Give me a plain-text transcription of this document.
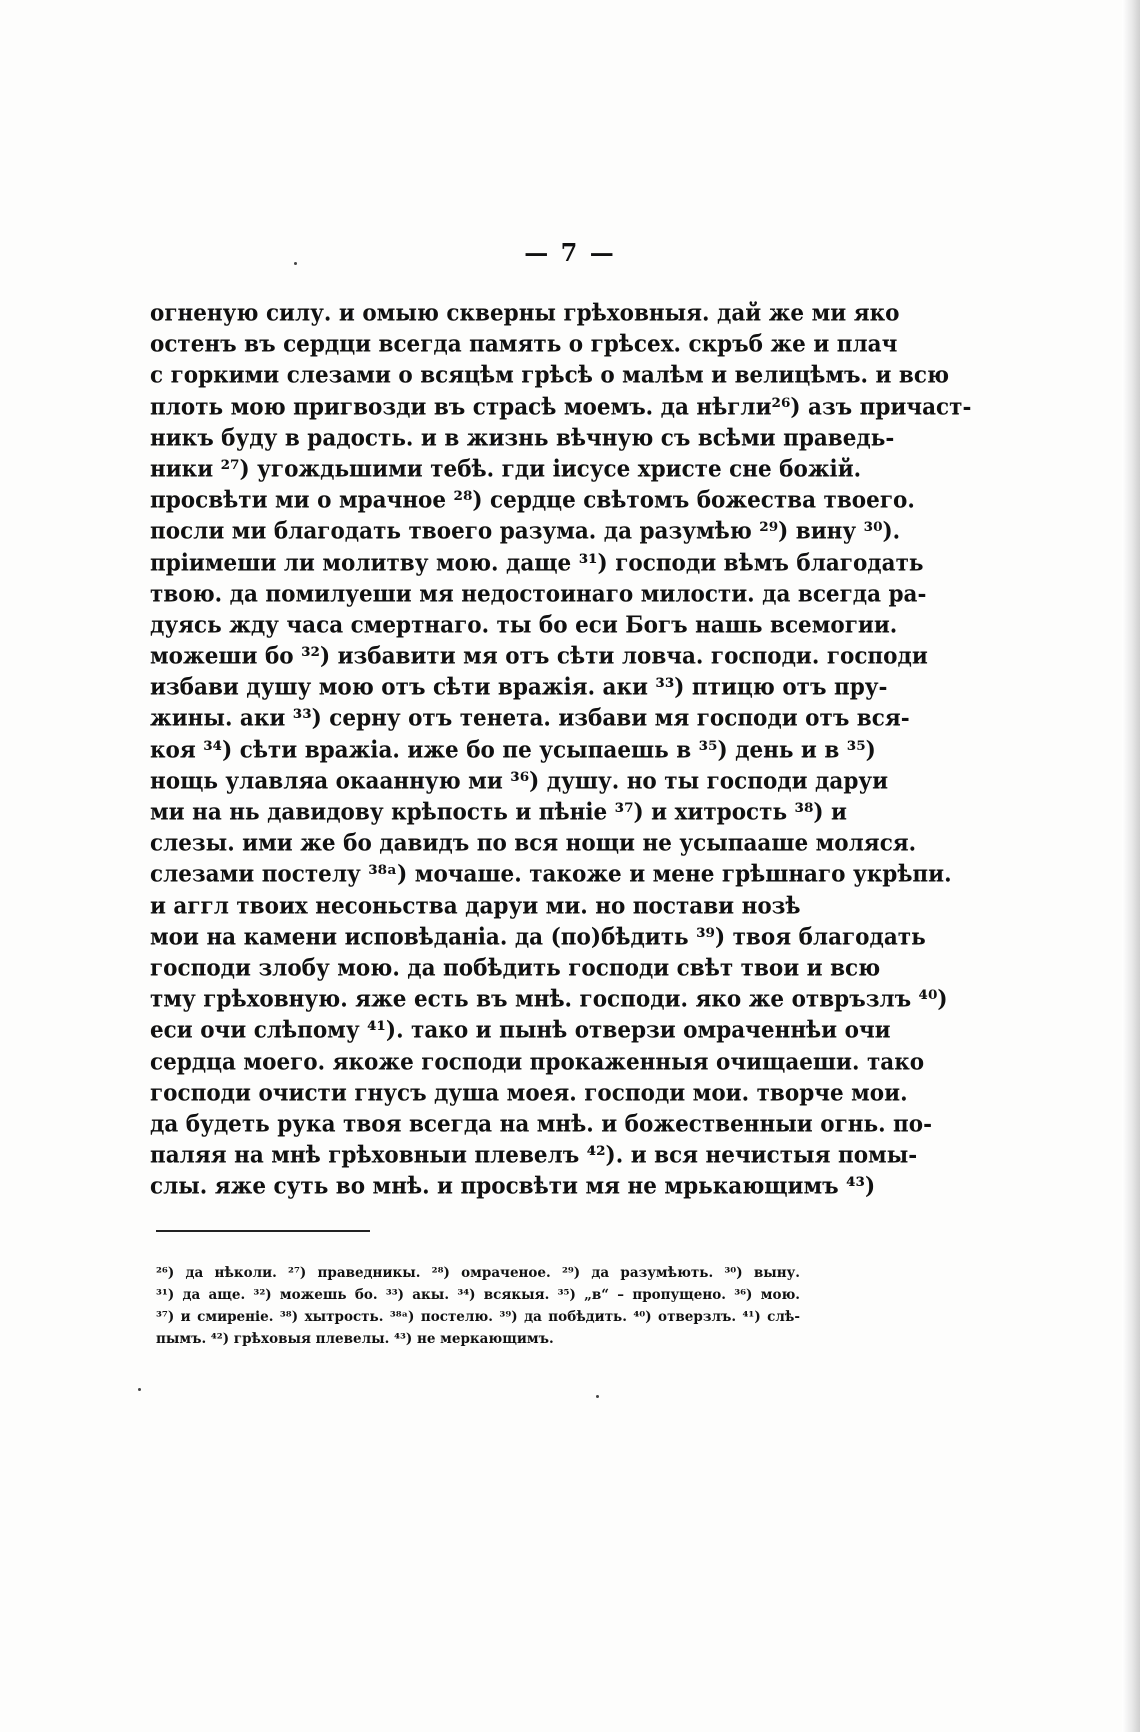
— 7 —
огненую силу. и омыю скверны грѣховныя. дай же ми яко
остенъ въ сердци всегда память о грѣсех. скръб же и плач
с горкими слезами о всяцѣм грѣсѣ о малѣм и велицѣмъ. и всю
плоть мою пригвозди въ страсѣ моемъ. да нѣгли²⁶) азъ причаст-
никъ буду в радость. и в жизнь вѣчную съ всѣми праведь-
ники ²⁷) угождьшими тебѣ. гди iисусе христе сне божiй.
просвѣти ми о мрачное ²⁸) сердце свѣтомъ божества твоего.
посли ми благодать твоего разума. да разумѣю ²⁹) вину ³⁰).
прiимеши ли молитву мою. даще ³¹) господи вѣмъ благодать
твою. да помилуеши мя недостоинаго милости. да всегда ра-
дуясь жду часа смертнаго. ты бо еси Богъ нашь всемогии.
можеши бо ³²) избавити мя отъ сѣти ловча. господи. господи
избави душу мою отъ сѣти вражiя. аки ³³) птицю отъ пру-
жины. аки ³³) серну отъ тенета. избави мя господи отъ вся-
коя ³⁴) сѣти вражiа. иже бо пе усыпаешь в ³⁵) день и в ³⁵)
нощь улавляа окаанную ми ³⁶) душу. но ты господи даруи
ми на нь давидову крѣпость и пѣнiе ³⁷) и хитрость ³⁸) и
слезы. ими же бо давидъ по вся нощи не усыпааше моляся.
слезами постелу ³⁸ᵃ) мочаше. такоже и мене грѣшнаго укрѣпи.
и аггл твоих несоньства даруи ми. но постави нозѣ
мои на камени исповѣданiа. да (по)бѣдить ³⁹) твоя благодать
господи злобу мою. да побѣдить господи свѣт твои и всю
тму грѣховную. яже есть въ мнѣ. господи. яко же отвръзлъ ⁴⁰)
еси очи слѣпому ⁴¹). тако и пынѣ отверзи омраченнѣи очи
сердца моего. якоже господи прокаженныя очищаеши. тако
господи очисти гнусъ душа моея. господи мои. творче мои.
да будеть рука твоя всегда на мнѣ. и божественныи огнь. по-
паляя на мнѣ грѣховныи плевелъ ⁴²). и вся нечистыя помы-
слы. яже суть во мнѣ. и просвѣти мя не мрькающимъ ⁴³)
²⁶) да нѣколи. ²⁷) праведникы. ²⁸) омраченое. ²⁹) да разумѣють. ³⁰) выну.
³¹) да аще. ³²) можешь бо. ³³) акы. ³⁴) всякыя. ³⁵) „в“ – пропущено. ³⁶) мою.
³⁷) и смиренiе. ³⁸) хытрость. ³⁸ᵃ) постелю. ³⁹) да побѣдить. ⁴⁰) отверзлъ. ⁴¹) слѣ-
пымъ. ⁴²) грѣховыя плевелы. ⁴³) не меркающимъ.
